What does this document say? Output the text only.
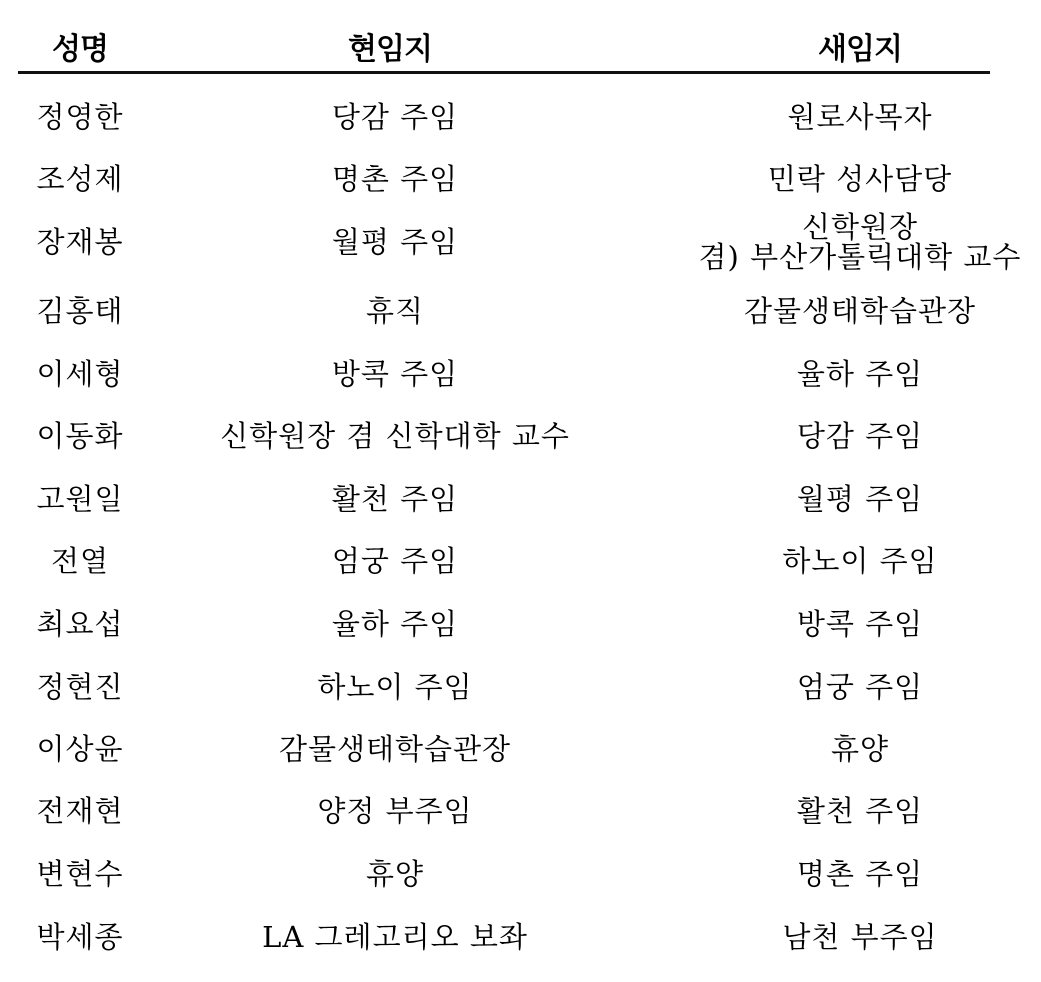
성명	현임지	새임지
정영한	당감 주임	원로사목자
조성제	명촌 주임	민락 성사담당
장재봉	월평 주임	신학원장
겸) 부산가톨릭대학 교수
김홍태	휴직	감물생태학습관장
이세형	방콕 주임	율하 주임
이동화	신학원장 겸 신학대학 교수	당감 주임
고원일	활천 주임	월평 주임
전열	엄궁 주임	하노이 주임
최요섭	율하 주임	방콕 주임
정현진	하노이 주임	엄궁 주임
이상윤	감물생태학습관장	휴양
전재현	양정 부주임	활천 주임
변현수	휴양	명촌 주임
박세종	LA 그레고리오 보좌	남천 부주임
